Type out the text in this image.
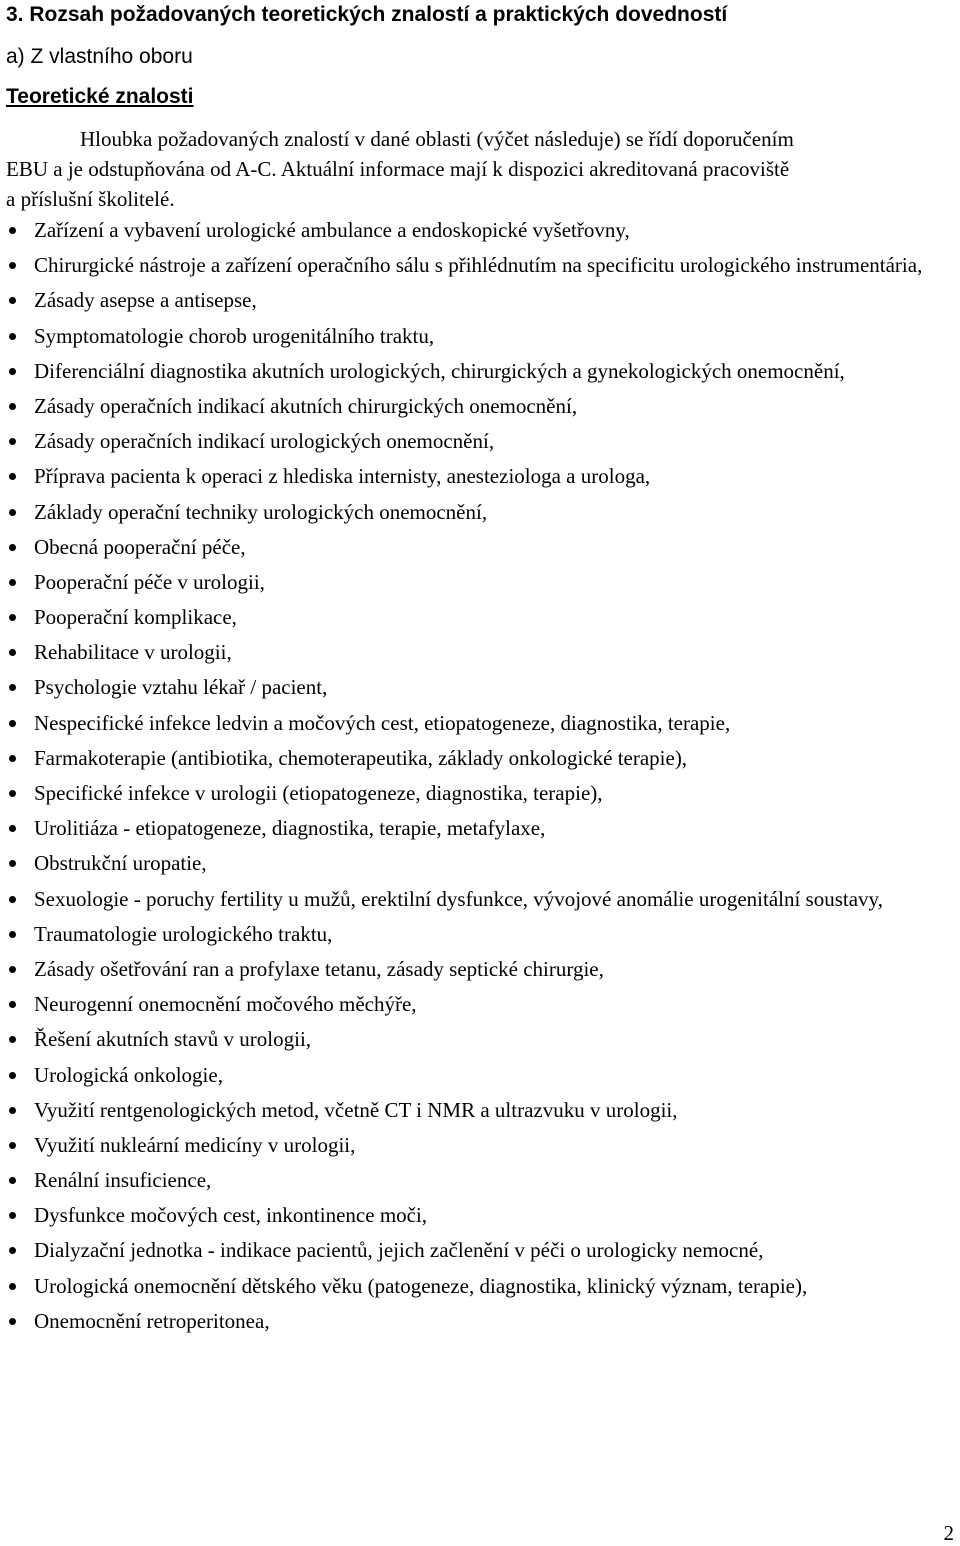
3. Rozsah požadovaných teoretických znalostí a praktických dovedností
a) Z vlastního oboru
Teoretické znalosti

Hloubka požadovaných znalostí v dané oblasti (výčet následuje) se řídí doporučením
EBU a je odstupňována od A-C. Aktuální informace mají k dispozici akreditovaná pracoviště
a příslušní školitelé.

Zařízení a vybavení urologické ambulance a endoskopické vyšetřovny,
Chirurgické nástroje a zařízení operačního sálu s přihlédnutím na specificitu urologického instrumentária,
Zásady asepse a antisepse,
Symptomatologie chorob urogenitálního traktu,
Diferenciální diagnostika akutních urologických, chirurgických a gynekologických onemocnění,
Zásady operačních indikací akutních chirurgických onemocnění,
Zásady operačních indikací urologických onemocnění,
Příprava pacienta k operaci z hlediska internisty, anesteziologa a urologa,
Základy operační techniky urologických onemocnění,
Obecná pooperační péče,
Pooperační péče v urologii,
Pooperační komplikace,
Rehabilitace v urologii,
Psychologie vztahu lékař / pacient,
Nespecifické infekce ledvin a močových cest, etiopatogeneze, diagnostika, terapie,
Farmakoterapie (antibiotika, chemoterapeutika, základy onkologické terapie),
Specifické infekce v urologii (etiopatogeneze, diagnostika, terapie),
Urolitiáza - etiopatogeneze, diagnostika, terapie, metafylaxe,
Obstrukční uropatie,
Sexuologie - poruchy fertility u mužů, erektilní dysfunkce, vývojové anomálie urogenitální soustavy,
Traumatologie urologického traktu,
Zásady ošetřování ran a profylaxe tetanu, zásady septické chirurgie,
Neurogenní onemocnění močového měchýře,
Řešení akutních stavů v urologii,
Urologická onkologie,
Využití rentgenologických metod, včetně CT i NMR a ultrazvuku v urologii,
Využití nukleární medicíny v urologii,
Renální insuficience,
Dysfunkce močových cest, inkontinence moči,
Dialyzační jednotka - indikace pacientů, jejich začlenění v péči o urologicky nemocné,
Urologická onemocnění dětského věku (patogeneze, diagnostika, klinický význam, terapie),
Onemocnění retroperitonea,

2
